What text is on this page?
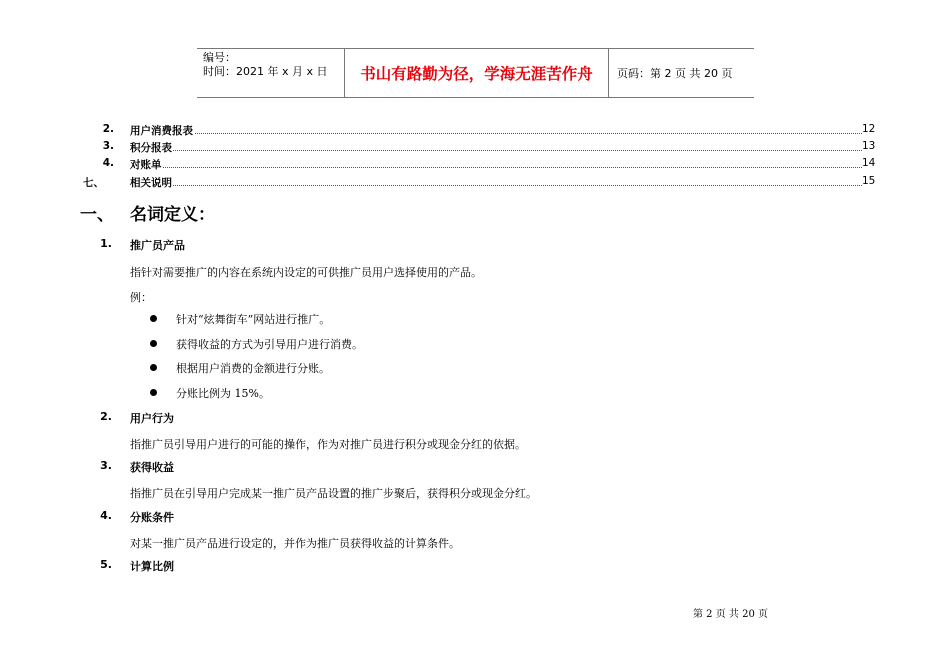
编号：
时间：2021 年 x 月 x 日	书山有路勤为径，学海无涯苦作舟	页码：第 2 页 共 20 页
2. 用户消费报表	12
3. 积分报表	13
4. 对账单	14
七、 相关说明	15
一、 名词定义：
1. 推广员产品
指针对需要推广的内容在系统内设定的可供推广员用户选择使用的产品。
例：
针对“炫舞街车”网站进行推广。
获得收益的方式为引导用户进行消费。
根据用户消费的金额进行分账。
分账比例为 15%。
2. 用户行为
指推广员引导用户进行的可能的操作，作为对推广员进行积分或现金分红的依据。
3. 获得收益
指推广员在引导用户完成某一推广员产品设置的推广步聚后，获得积分或现金分红。
4. 分账条件
对某一推广员产品进行设定的，并作为推广员获得收益的计算条件。
5. 计算比例
第 2 页 共 20 页
